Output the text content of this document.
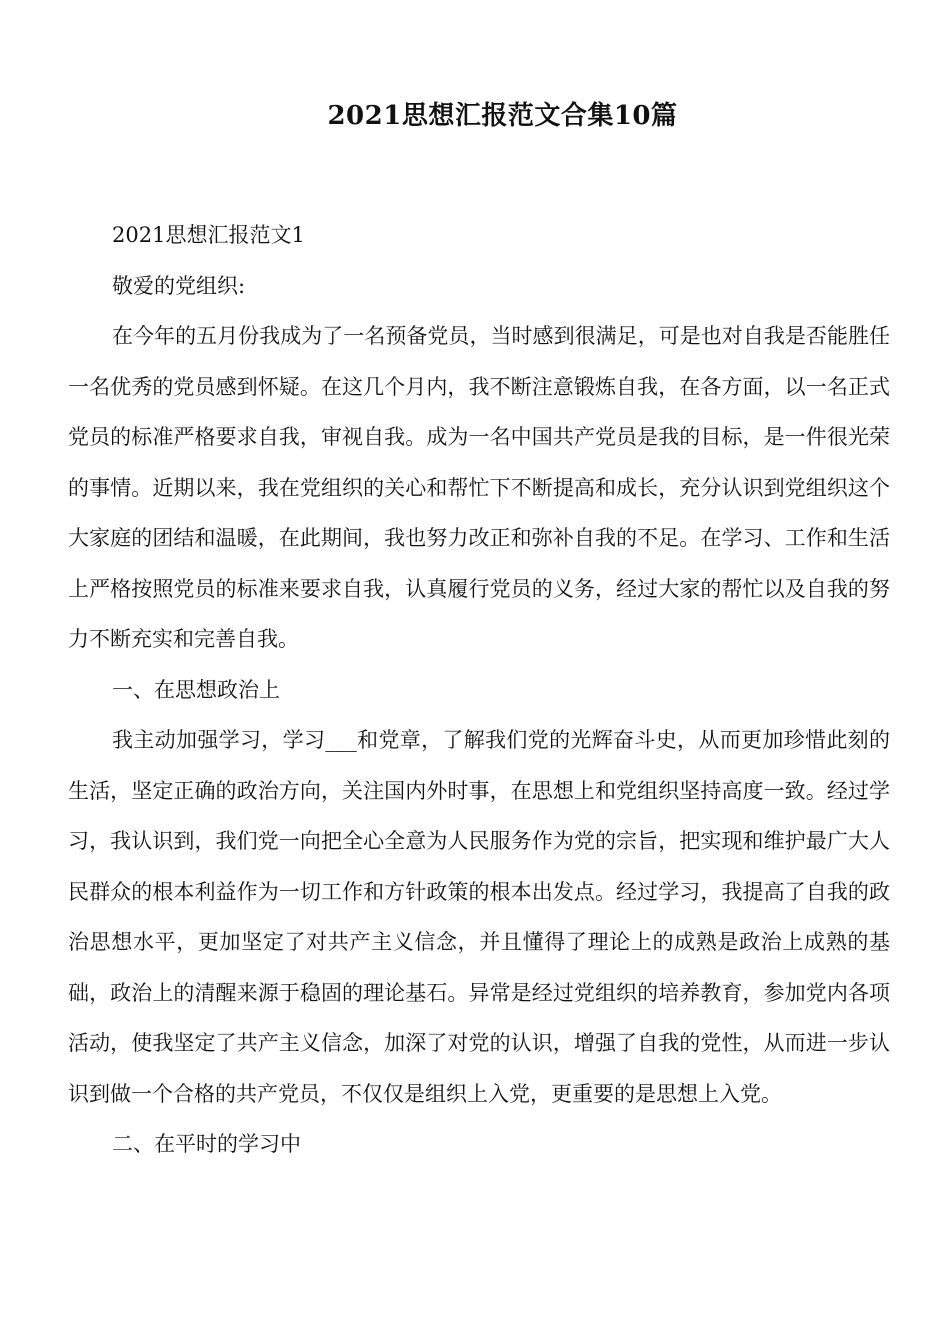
2021思想汇报范文合集10篇

2021思想汇报范文1

敬爱的党组织:

在今年的五月份我成为了一名预备党员，当时感到很满足，可是也对自我是否能胜任一名优秀的党员感到怀疑。在这几个月内，我不断注意锻炼自我，在各方面，以一名正式党员的标准严格要求自我，审视自我。成为一名中国共产党员是我的目标，是一件很光荣的事情。近期以来，我在党组织的关心和帮忙下不断提高和成长，充分认识到党组织这个大家庭的团结和温暖，在此期间，我也努力改正和弥补自我的不足。在学习、工作和生活上严格按照党员的标准来要求自我，认真履行党员的义务，经过大家的帮忙以及自我的努力不断充实和完善自我。

一、在思想政治上

我主动加强学习，学习___和党章，了解我们党的光辉奋斗史，从而更加珍惜此刻的生活，坚定正确的政治方向，关注国内外时事，在思想上和党组织坚持高度一致。经过学习，我认识到，我们党一向把全心全意为人民服务作为党的宗旨，把实现和维护最广大人民群众的根本利益作为一切工作和方针政策的根本出发点。经过学习，我提高了自我的政治思想水平，更加坚定了对共产主义信念，并且懂得了理论上的成熟是政治上成熟的基础，政治上的清醒来源于稳固的理论基石。异常是经过党组织的培养教育，参加党内各项活动，使我坚定了共产主义信念，加深了对党的认识，增强了自我的党性，从而进一步认识到做一个合格的共产党员，不仅仅是组织上入党，更重要的是思想上入党。

二、在平时的学习中
